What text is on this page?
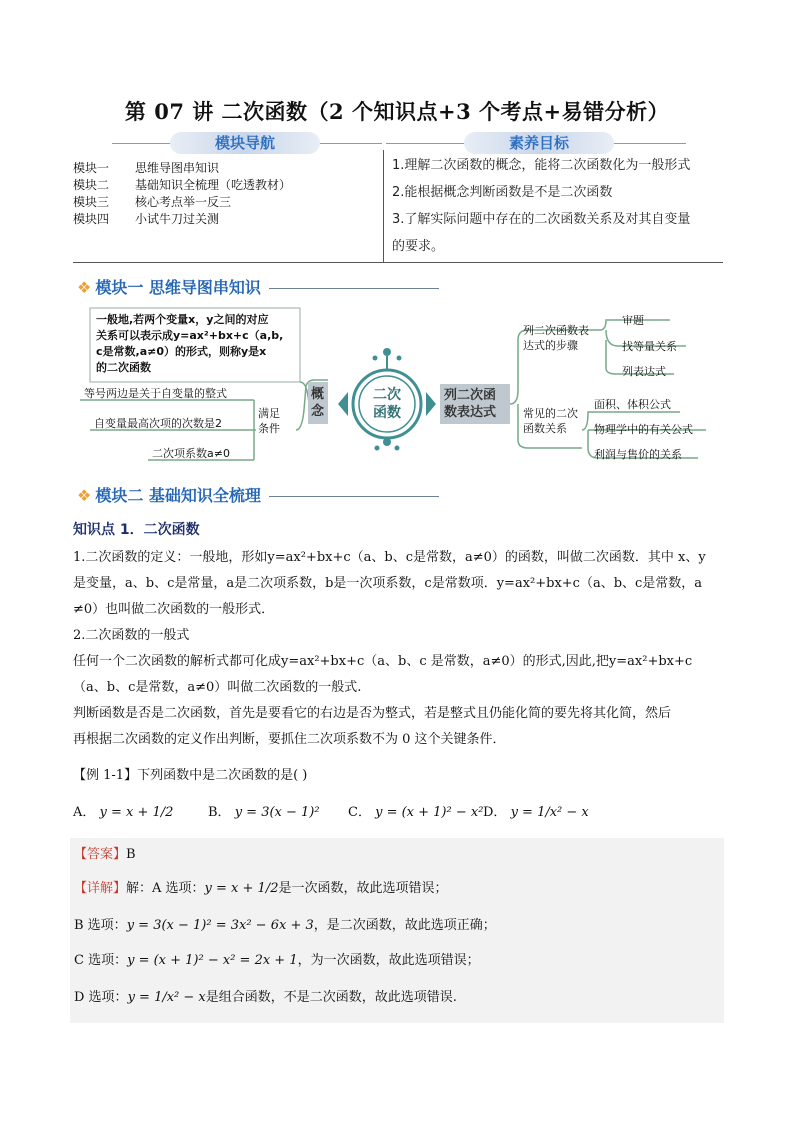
第 07 讲 二次函数（2 个知识点+3 个考点+易错分析）
模块导航	素养目标
模块一 思维导图串知识
模块二 基础知识全梳理（吃透教材）
模块三 核心考点举一反三
模块四 小试牛刀过关测
1.理解二次函数的概念，能将二次函数化为一般形式
2.能根据概念判断函数是不是二次函数
3.了解实际问题中存在的二次函数关系及对其自变量
的要求。
❖ 模块一 思维导图串知识
一般地,若两个变量x，y之间的对应
关系可以表示成y=ax²+bx+c（a,b,
c是常数,a≠0）的形式，则称y是x
的二次函数
等号两边是关于自变量的整式
自变量最高次项的次数是2
二次项系数a≠0
满足
条件
概
念
二次
函数
列二次函
数表达式
列二次函数表
达式的步骤
审题
找等量关系
列表达式
常见的二次
函数关系
面积、体积公式
物理学中的有关公式
利润与售价的关系
❖ 模块二 基础知识全梳理
知识点 1．二次函数
1.二次函数的定义：一般地，形如y=ax²+bx+c（a、b、c是常数，a≠0）的函数，叫做二次函数．其中 x、y
是变量，a、b、c是常量，a是二次项系数，b是一次项系数，c是常数项．y=ax²+bx+c（a、b、c是常数，a
≠0）也叫做二次函数的一般形式．
2.二次函数的一般式
任何一个二次函数的解析式都可化成y=ax²+bx+c（a、b、c 是常数，a≠0）的形式,因此,把y=ax²+bx+c
（a、b、c是常数，a≠0）叫做二次函数的一般式.
判断函数是否是二次函数，首先是要看它的右边是否为整式，若是整式且仍能化简的要先将其化简，然后
再根据二次函数的定义作出判断，要抓住二次项系数不为 0 这个关键条件．
【例 1-1】下列函数中是二次函数的是( )
A． y = x + 1/2	B． y = 3(x − 1)² C． y = (x + 1)² − x² D． y = 1/x² − x
【答案】B
【详解】解：A 选项：y = x + 1/2是一次函数，故此选项错误；
B 选项：y = 3(x − 1)² = 3x² − 6x + 3，是二次函数，故此选项正确；
C 选项：y = (x + 1)² − x² = 2x + 1，为一次函数，故此选项错误；
D 选项：y = 1/x² − x是组合函数，不是二次函数，故此选项错误.
